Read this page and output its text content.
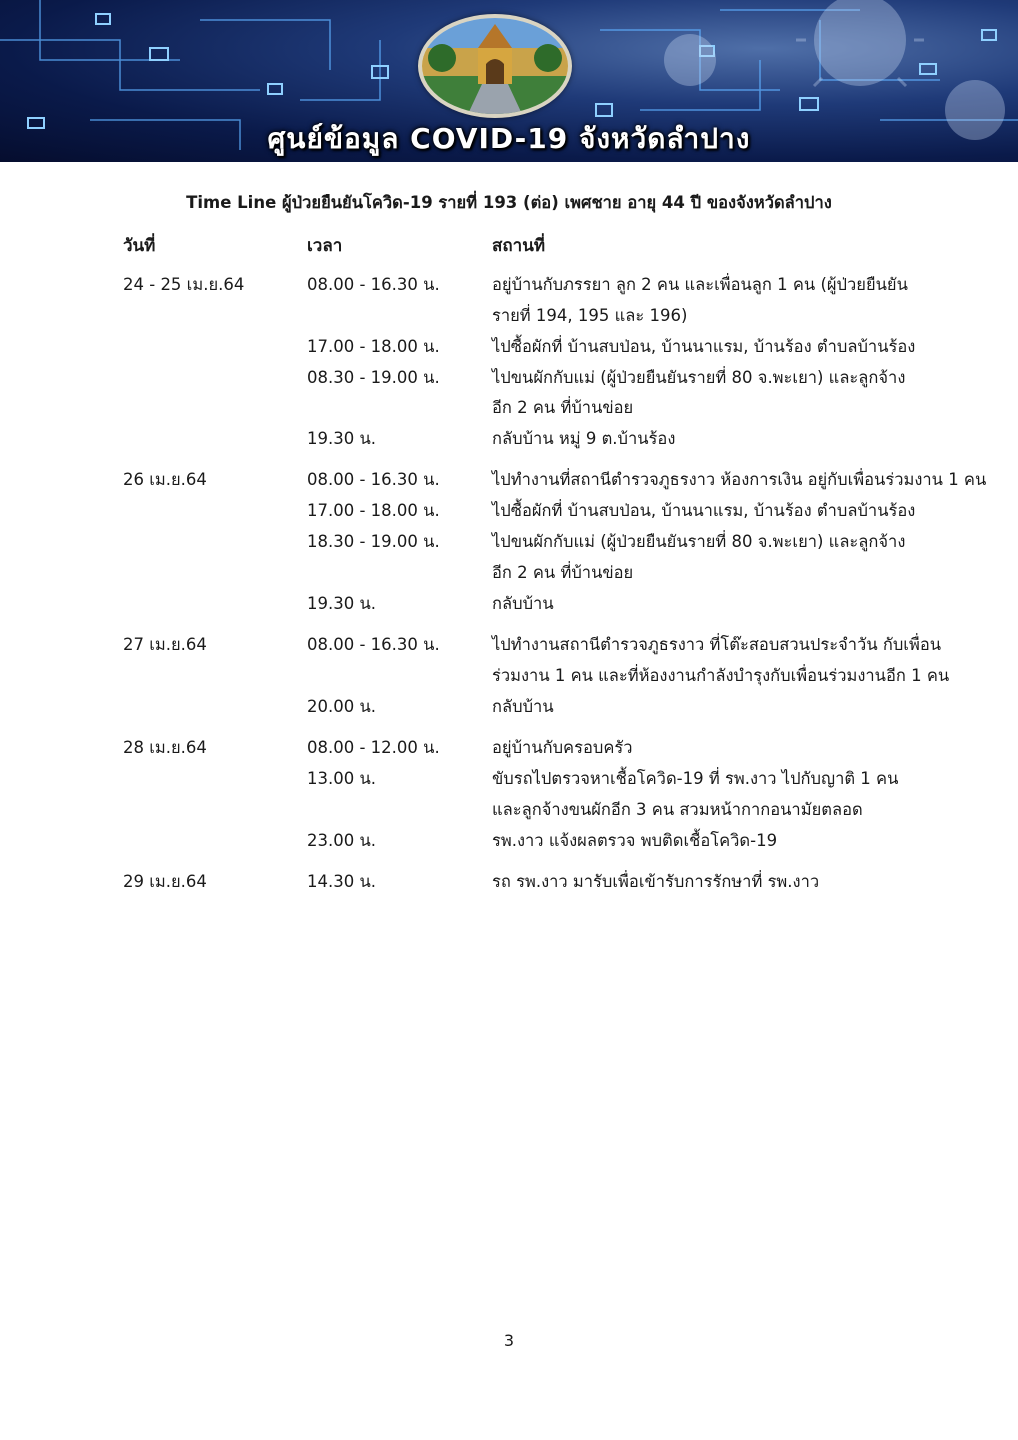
ศูนย์ข้อมูล COVID-19 จังหวัดลำปาง
Time Line ผู้ป่วยยืนยันโควิด-19 รายที่ 193 (ต่อ) เพศชาย อายุ 44 ปี ของจังหวัดลำปาง
วันที่	เวลา	สถานที่
24 - 25 เม.ย.64	08.00 - 16.30 น.	อยู่บ้านกับภรรยา ลูก 2 คน และเพื่อนลูก 1 คน (ผู้ป่วยยืนยัน
รายที่ 194, 195 และ 196)
17.00 - 18.00 น.	ไปซื้อผักที่ บ้านสบป่อน, บ้านนาแรม, บ้านร้อง ตำบลบ้านร้อง
08.30 - 19.00 น.	ไปขนผักกับแม่ (ผู้ป่วยยืนยันรายที่ 80 จ.พะเยา) และลูกจ้าง
อีก 2 คน ที่บ้านข่อย
19.30 น.	กลับบ้าน หมู่ 9 ต.บ้านร้อง
26 เม.ย.64	08.00 - 16.30 น.	ไปทำงานที่สถานีตำรวจภูธรงาว ห้องการเงิน อยู่กับเพื่อนร่วมงาน 1 คน
17.00 - 18.00 น.	ไปซื้อผักที่ บ้านสบป่อน, บ้านนาแรม, บ้านร้อง ตำบลบ้านร้อง
18.30 - 19.00 น.	ไปขนผักกับแม่ (ผู้ป่วยยืนยันรายที่ 80 จ.พะเยา) และลูกจ้าง
อีก 2 คน ที่บ้านข่อย
19.30 น.	กลับบ้าน
27 เม.ย.64	08.00 - 16.30 น.	ไปทำงานสถานีตำรวจภูธรงาว ที่โต๊ะสอบสวนประจำวัน กับเพื่อน
ร่วมงาน 1 คน และที่ห้องงานกำลังบำรุงกับเพื่อนร่วมงานอีก 1 คน
20.00 น.	กลับบ้าน
28 เม.ย.64	08.00 - 12.00 น.	อยู่บ้านกับครอบครัว
13.00 น.	ขับรถไปตรวจหาเชื้อโควิด-19 ที่ รพ.งาว ไปกับญาติ 1 คน
และลูกจ้างขนผักอีก 3 คน สวมหน้ากากอนามัยตลอด
23.00 น.	รพ.งาว แจ้งผลตรวจ พบติดเชื้อโควิด-19
29 เม.ย.64	14.30 น.	รถ รพ.งาว มารับเพื่อเข้ารับการรักษาที่ รพ.งาว
3
